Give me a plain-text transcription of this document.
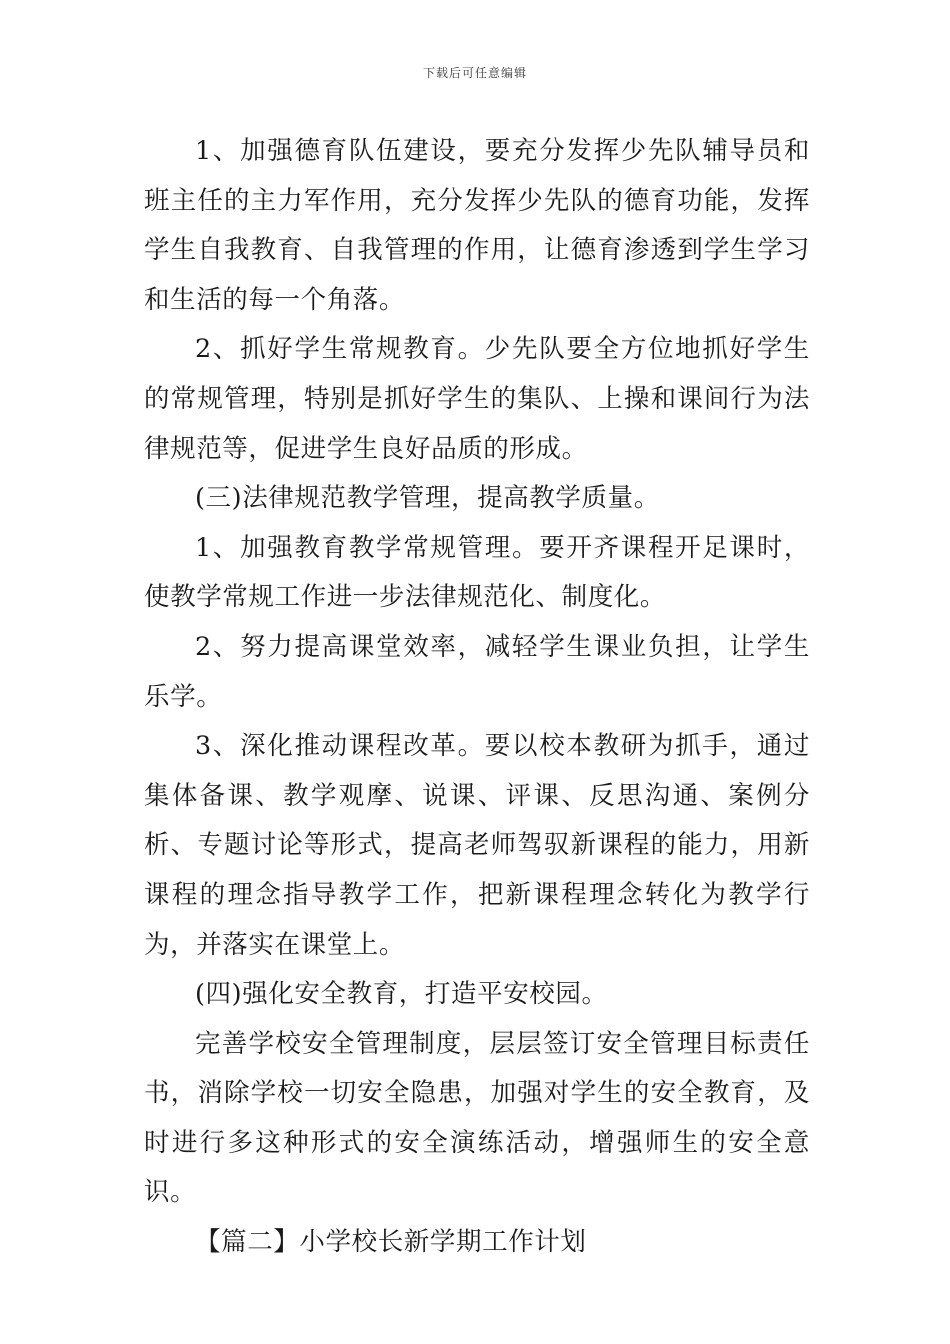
下载后可任意编辑

1、加强德育队伍建设，要充分发挥少先队辅导员和班主任的主力军作用，充分发挥少先队的德育功能，发挥学生自我教育、自我管理的作用，让德育渗透到学生学习和生活的每一个角落。

2、抓好学生常规教育。少先队要全方位地抓好学生的常规管理，特别是抓好学生的集队、上操和课间行为法律规范等，促进学生良好品质的形成。

(三)法律规范教学管理，提高教学质量。

1、加强教育教学常规管理。要开齐课程开足课时，使教学常规工作进一步法律规范化、制度化。

2、努力提高课堂效率，减轻学生课业负担，让学生乐学。

3、深化推动课程改革。要以校本教研为抓手，通过集体备课、教学观摩、说课、评课、反思沟通、案例分析、专题讨论等形式，提高老师驾驭新课程的能力，用新课程的理念指导教学工作，把新课程理念转化为教学行为，并落实在课堂上。

(四)强化安全教育，打造平安校园。

完善学校安全管理制度，层层签订安全管理目标责任书，消除学校一切安全隐患，加强对学生的安全教育，及时进行多这种形式的安全演练活动，增强师生的安全意识。

【篇二】小学校长新学期工作计划
